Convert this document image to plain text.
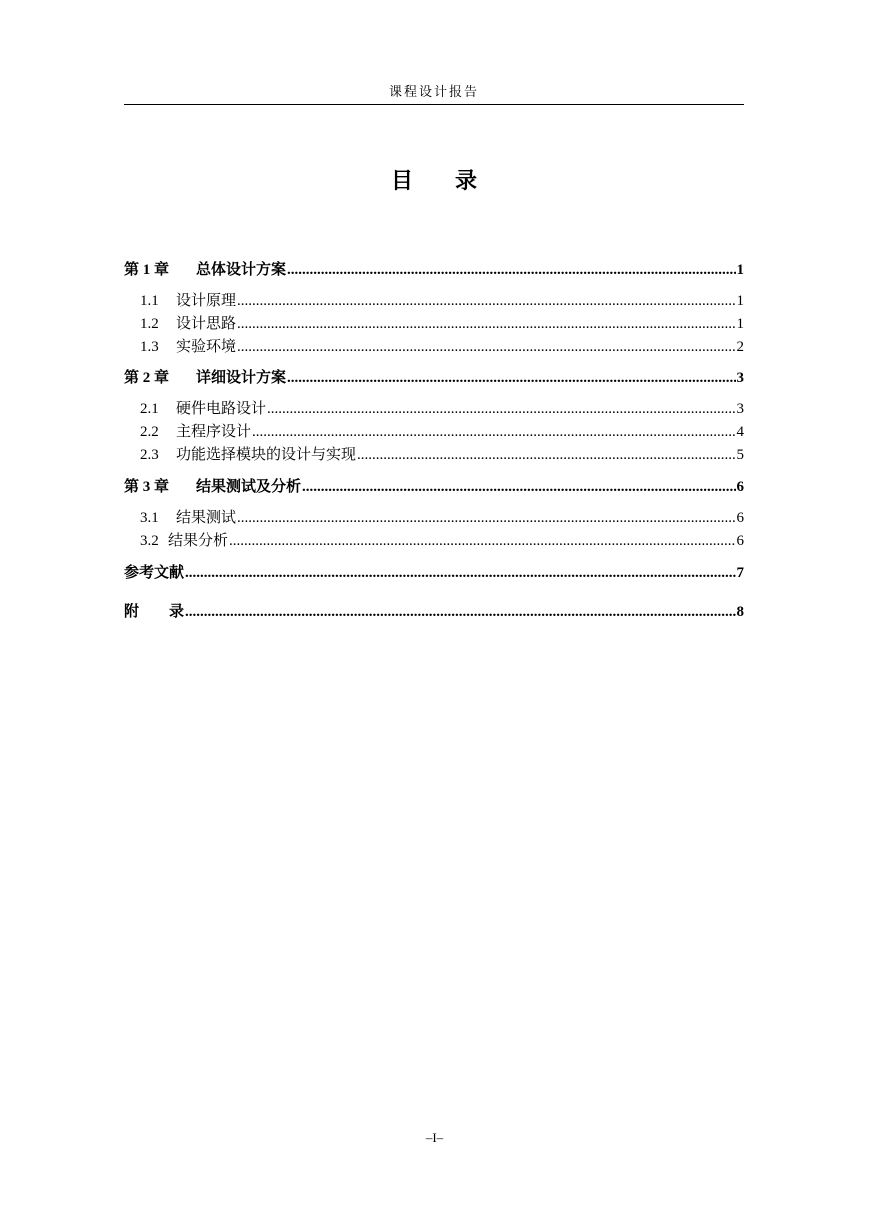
课程设计报告
目 录
第 1 章	总体设计方案 .....	1
1.1	设计原理 .....	1
1.2	设计思路 .....	1
1.3	实验环境 .....	2
第 2 章	详细设计方案 .....	3
2.1	硬件电路设计 .....	3
2.2	主程序设计 .....	4
2.3	功能选择模块的设计与实现 .....	5
第 3 章	结果测试及分析 .....	6
3.1	结果测试 .....	6
3.2 结果分析 .....	6
参考文献 .....	7
附	录 .....	8
–I–
